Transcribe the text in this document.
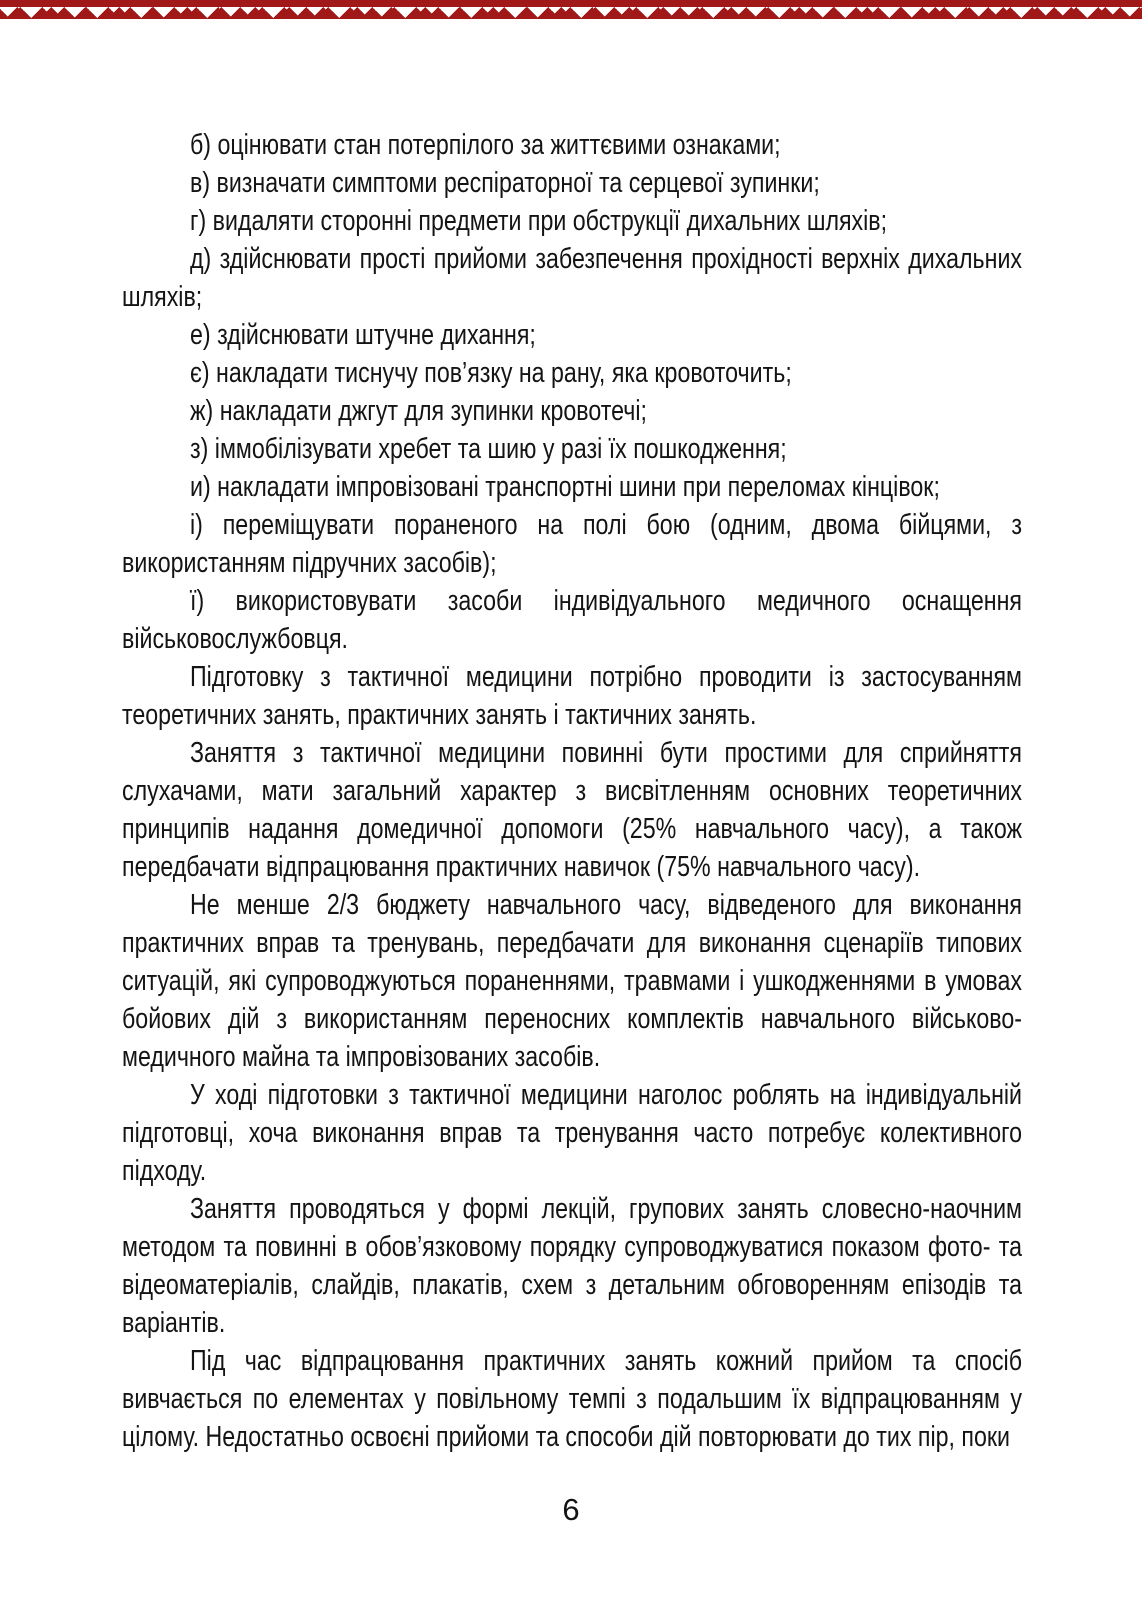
б) оцінювати стан потерпілого за життєвими ознаками;

в) визначати симптоми респіраторної та серцевої зупинки;

г) видаляти сторонні предмети при обструкції дихальних шляхів;

д) здійснювати прості прийоми забезпечення прохідності верхніх дихальних шляхів;

е) здійснювати штучне дихання;

є) накладати тиснучу пов’язку на рану, яка кровоточить;

ж) накладати джгут для зупинки кровотечі;

з) іммобілізувати хребет та шию у разі їх пошкодження;

и) накладати імпровізовані транспортні шини при переломах кінцівок;

і) переміщувати пораненого на полі бою (одним, двома бійцями, з використанням підручних засобів);

ї) використовувати засоби індивідуального медичного оснащення військовослужбовця.

Підготовку з тактичної медицини потрібно проводити із застосуванням теоретичних занять, практичних занять і тактичних занять.

Заняття з тактичної медицини повинні бути простими для сприйняття слухачами, мати загальний характер з висвітленням основних теоретичних принципів надання домедичної допомоги (25% навчального часу), а також передбачати відпрацювання практичних навичок (75% навчального часу).

Не менше 2/3 бюджету навчального часу, відведеного для виконання практичних вправ та тренувань, передбачати для виконання сценаріїв типових ситуацій, які супроводжуються пораненнями, травмами і ушкодженнями в умовах бойових дій з використанням переносних комплектів навчального військово-медичного майна та імпровізованих засобів.

У ході підготовки з тактичної медицини наголос роблять на індивідуальній підготовці, хоча виконання вправ та тренування часто потребує колективного підходу.

Заняття проводяться у формі лекцій, групових занять словесно-наочним методом та повинні в обов’язковому порядку супроводжуватися показом фото- та відеоматеріалів, слайдів, плакатів, схем з детальним обговоренням епізодів та варіантів.

Під час відпрацювання практичних занять кожний прийом та спосіб вивчається по елементах у повільному темпі з подальшим їх відпрацюванням у цілому. Недостатньо освоєні прийоми та способи дій повторювати до тих пір, поки

6
